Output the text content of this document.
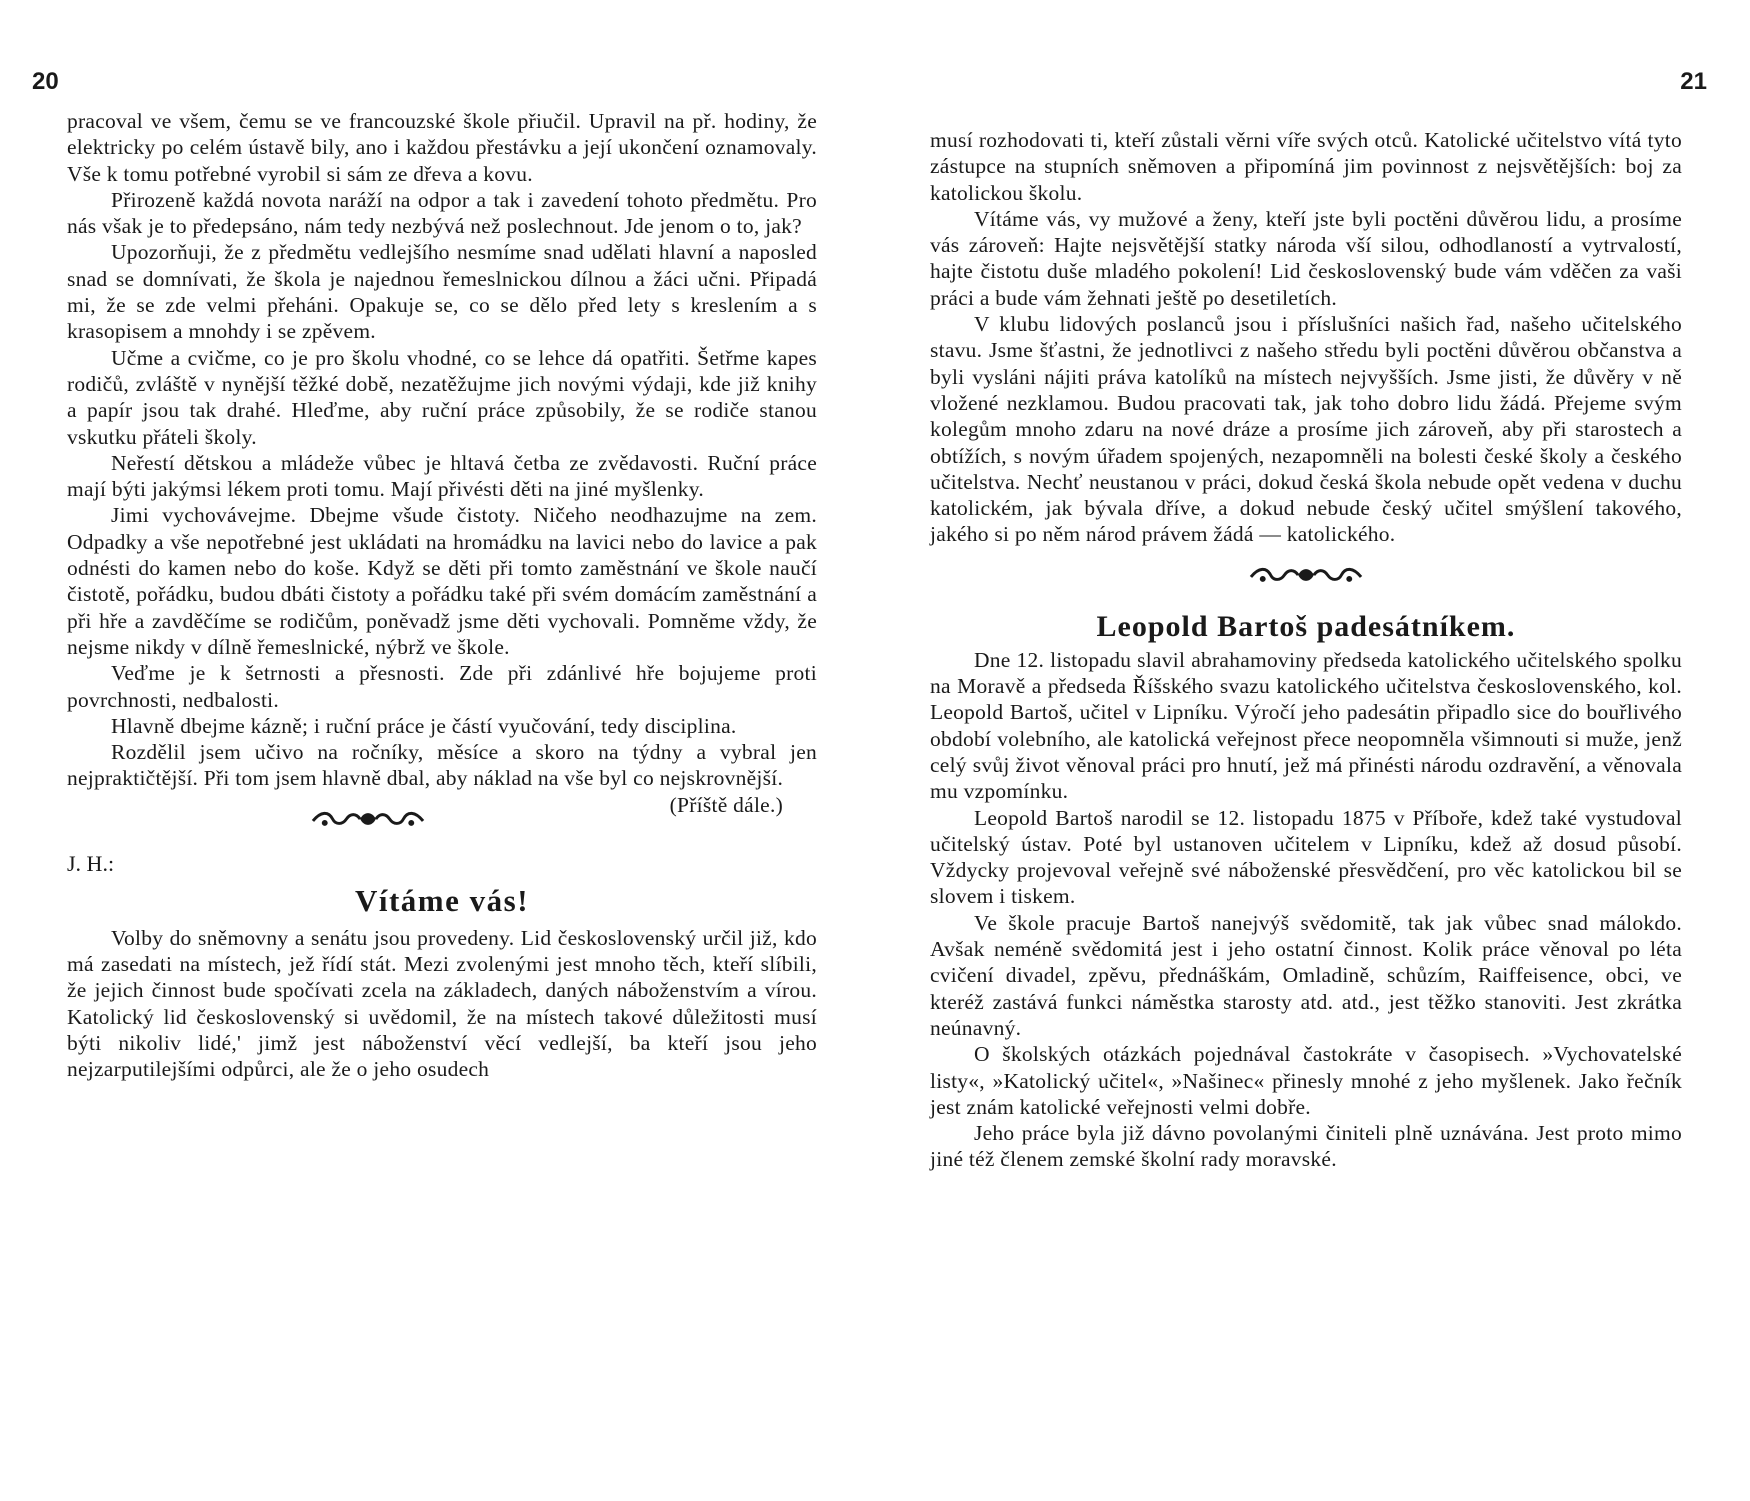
20

pracoval ve všem, čemu se ve francouzské škole přiučil. Upravil na př. hodiny, že elektricky po celém ústavě bily, ano i každou přestávku a její ukončení oznamovaly. Vše k tomu potřebné vyrobil si sám ze dřeva a kovu.

Přirozeně každá novota naráží na odpor a tak i zavedení tohoto předmětu. Pro nás však je to předepsáno, nám tedy nezbývá než poslechnout. Jde jenom o to, jak?

Upozorňuji, že z předmětu vedlejšího nesmíme snad udělati hlavní a naposled snad se domnívati, že škola je najednou řemeslnickou dílnou a žáci učni. Připadá mi, že se zde velmi přeháni. Opakuje se, co se dělo před lety s kreslením a s krasopisem a mnohdy i se zpěvem.

Učme a cvičme, co je pro školu vhodné, co se lehce dá opatřiti. Šetřme kapes rodičů, zvláště v nynější těžké době, nezatěžujme jich novými výdaji, kde již knihy a papír jsou tak drahé. Hleďme, aby ruční práce způsobily, že se rodiče stanou vskutku přáteli školy.

Neřestí dětskou a mládeže vůbec je hltavá četba ze zvědavosti. Ruční práce mají býti jakýmsi lékem proti tomu. Mají přivésti děti na jiné myšlenky.

Jimi vychovávejme. Dbejme všude čistoty. Ničeho neodhazujme na zem. Odpadky a vše nepotřebné jest ukládati na hromádku na lavici nebo do lavice a pak odnésti do kamen nebo do koše. Když se děti při tomto zaměstnání ve škole naučí čistotě, pořádku, budou dbáti čistoty a pořádku také při svém domácím zaměstnání a při hře a zavděčíme se rodičům, poněvadž jsme děti vychovali. Pomněme vždy, že nejsme nikdy v dílně řemeslnické, nýbrž ve škole.

Veďme je k šetrnosti a přesnosti. Zde při zdánlivé hře bojujeme proti povrchnosti, nedbalosti.

Hlavně dbejme kázně; i ruční práce je částí vyučování, tedy disciplina.

Rozdělil jsem učivo na ročníky, měsíce a skoro na týdny a vybral jen nejpraktičtější. Při tom jsem hlavně dbal, aby náklad na vše byl co nejskrovnější.
(Příště dále.)

J. H.:
Vítáme vás!

Volby do sněmovny a senátu jsou provedeny. Lid československý určil již, kdo má zasedati na místech, jež řídí stát. Mezi zvolenými jest mnoho těch, kteří slíbili, že jejich činnost bude spočívati zcela na základech, daných náboženstvím a vírou. Katolický lid československý si uvědomil, že na místech takové důležitosti musí býti nikoliv lidé,' jimž jest náboženství věcí vedlejší, ba kteří jsou jeho nejzarputilejšími odpůrci, ale že o jeho osudech

21

musí rozhodovati ti, kteří zůstali věrni víře svých otců. Katolické učitelstvo vítá tyto zástupce na stupních sněmoven a připomíná jim povinnost z nejsvětějších: boj za katolickou školu.

Vítáme vás, vy mužové a ženy, kteří jste byli poctěni důvěrou lidu, a prosíme vás zároveň: Hajte nejsvětější statky národa vší silou, odhodlaností a vytrvalostí, hajte čistotu duše mladého pokolení! Lid československý bude vám vděčen za vaši práci a bude vám žehnati ještě po desetiletích.

V klubu lidových poslanců jsou i příslušníci našich řad, našeho učitelského stavu. Jsme šťastni, že jednotlivci z našeho středu byli poctěni důvěrou občanstva a byli vysláni nájiti práva katolíků na místech nejvyšších. Jsme jisti, že důvěry v ně vložené nezklamou. Budou pracovati tak, jak toho dobro lidu žádá. Přejeme svým kolegům mnoho zdaru na nové dráze a prosíme jich zároveň, aby při starostech a obtížích, s novým úřadem spojených, nezapomněli na bolesti české školy a českého učitelstva. Nechť neustanou v práci, dokud česká škola nebude opět vedena v duchu katolickém, jak bývala dříve, a dokud nebude český učitel smýšlení takového, jakého si po něm národ právem žádá — katolického.

Leopold Bartoš padesátníkem.

Dne 12. listopadu slavil abrahamoviny předseda katolického učitelského spolku na Moravě a předseda Říšského svazu katolického učitelstva československého, kol. Leopold Bartoš, učitel v Lipníku. Výročí jeho padesátin připadlo sice do bouřlivého období volebního, ale katolická veřejnost přece neopomněla všimnouti si muže, jenž celý svůj život věnoval práci pro hnutí, jež má přinésti národu ozdravění, a věnovala mu vzpomínku.

Leopold Bartoš narodil se 12. listopadu 1875 v Příboře, kdež také vystudoval učitelský ústav. Poté byl ustanoven učitelem v Lipníku, kdež až dosud působí. Vždycky projevoval veřejně své náboženské přesvědčení, pro věc katolickou bil se slovem i tiskem.

Ve škole pracuje Bartoš nanejvýš svědomitě, tak jak vůbec snad málokdo. Avšak neméně svědomitá jest i jeho ostatní činnost. Kolik práce věnoval po léta cvičení divadel, zpěvu, přednáškám, Omladině, schůzím, Raiffeisence, obci, ve kteréž zastává funkci náměstka starosty atd. atd., jest těžko stanoviti. Jest zkrátka neúnavný.

O školských otázkách pojednával častokráte v časopisech. »Vychovatelské listy«, »Katolický učitel«, »Našinec« přinesly mnohé z jeho myšlenek. Jako řečník jest znám katolické veřejnosti velmi dobře.

Jeho práce byla již dávno povolanými činiteli plně uznávána. Jest proto mimo jiné též členem zemské školní rady moravské.
